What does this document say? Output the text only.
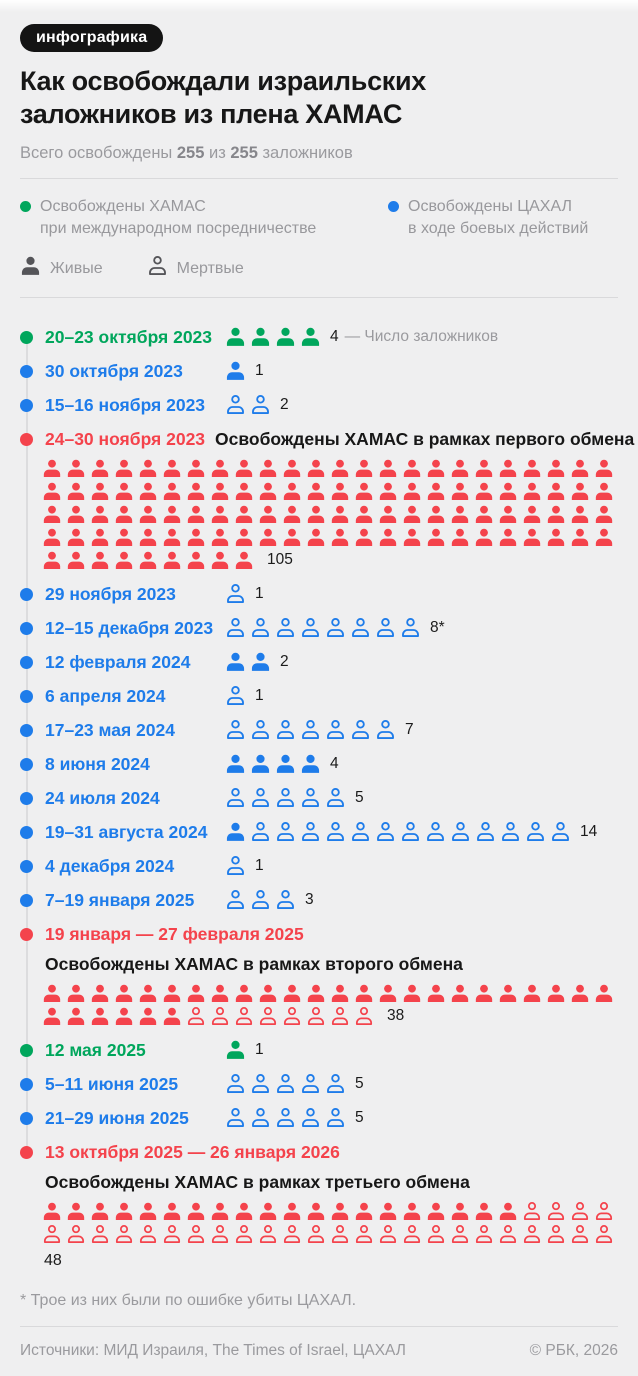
инфографика
Как освобождали израильских
заложников из плена ХАМАС
Всего освобождены 255 из 255 заложников
Освобождены ХАМАС
при международном посредничестве
Освобождены ЦАХАЛ
в ходе боевых действий
Живые	Мертвые
20–23 октября 2023	4 — Число заложников
30 октября 2023	1
15–16 ноября 2023	2
24–30 ноября 2023 Освобождены ХАМАС в рамках первого обмена
105
29 ноября 2023	1
12–15 декабря 2023	8*
12 февраля 2024	2
6 апреля 2024	1
17–23 мая 2024	7
8 июня 2024	4
24 июля 2024	5
19–31 августа 2024	14
4 декабря 2024	1
7–19 января 2025	3
19 января — 27 февраля 2025
Освобождены ХАМАС в рамках второго обмена
38
12 мая 2025	1
5–11 июня 2025	5
21–29 июня 2025	5
13 октября 2025 — 26 января 2026
Освобождены ХАМАС в рамках третьего обмена
48
* Трое из них были по ошибке убиты ЦАХАЛ.
Источники: МИД Израиля, The Times of Israel, ЦАХАЛ	© РБК, 2026
